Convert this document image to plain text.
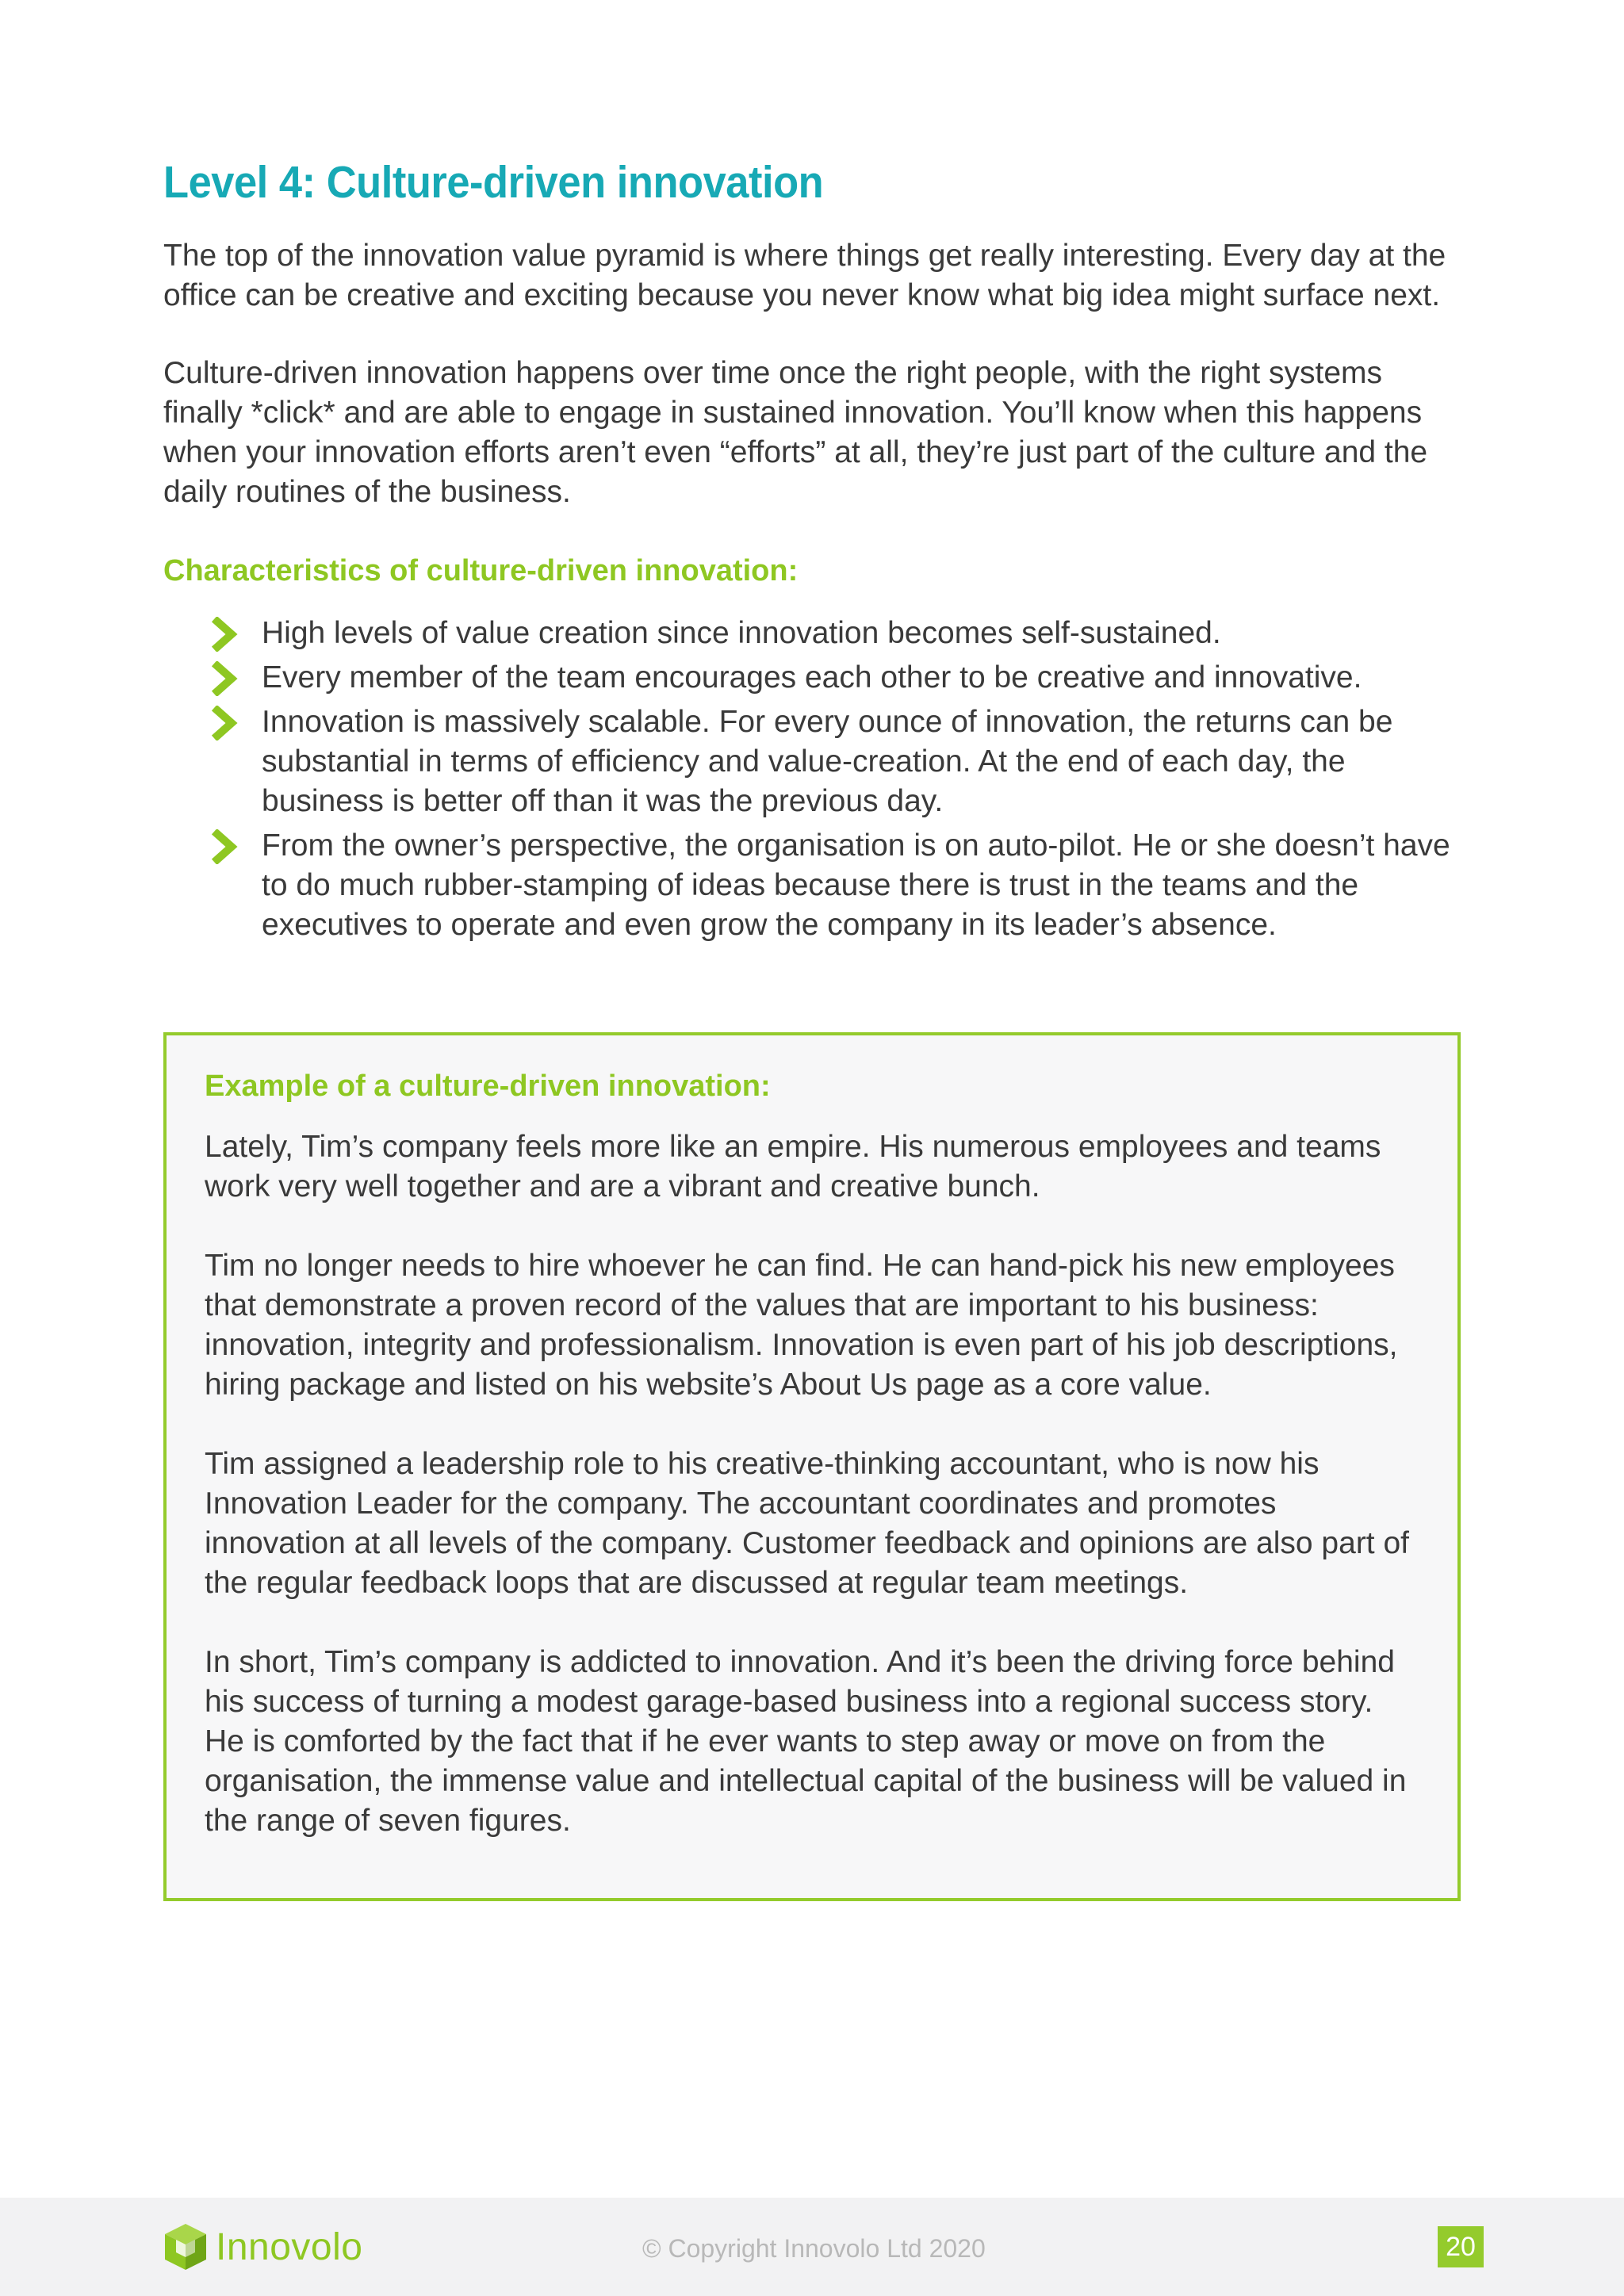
Level 4: Culture-driven innovation

The top of the innovation value pyramid is where things get really interesting. Every day at the office can be creative and exciting because you never know what big idea might surface next.

Culture-driven innovation happens over time once the right people, with the right systems finally *click* and are able to engage in sustained innovation. You’ll know when this happens when your innovation efforts aren’t even “efforts” at all, they’re just part of the culture and the daily routines of the business.

Characteristics of culture-driven innovation:
High levels of value creation since innovation becomes self-sustained.
Every member of the team encourages each other to be creative and innovative.
Innovation is massively scalable. For every ounce of innovation, the returns can be substantial in terms of efficiency and value-creation. At the end of each day, the business is better off than it was the previous day.
From the owner’s perspective, the organisation is on auto-pilot. He or she doesn’t have to do much rubber-stamping of ideas because there is trust in the teams and the executives to operate and even grow the company in its leader’s absence.
Example of a culture-driven innovation:

Lately, Tim’s company feels more like an empire. His numerous employees and teams work very well together and are a vibrant and creative bunch.

Tim no longer needs to hire whoever he can find. He can hand-pick his new employees that demonstrate a proven record of the values that are important to his business: innovation, integrity and professionalism. Innovation is even part of his job descriptions, hiring package and listed on his website’s About Us page as a core value.

Tim assigned a leadership role to his creative-thinking accountant, who is now his Innovation Leader for the company. The accountant coordinates and promotes innovation at all levels of the company. Customer feedback and opinions are also part of the regular feedback loops that are discussed at regular team meetings.

In short, Tim’s company is addicted to innovation. And it’s been the driving force behind his success of turning a modest garage-based business into a regional success story. He is comforted by the fact that if he ever wants to step away or move on from the organisation, the immense value and intellectual capital of the business will be valued in the range of seven figures.

Innovolo	© Copyright Innovolo Ltd 2020	20
